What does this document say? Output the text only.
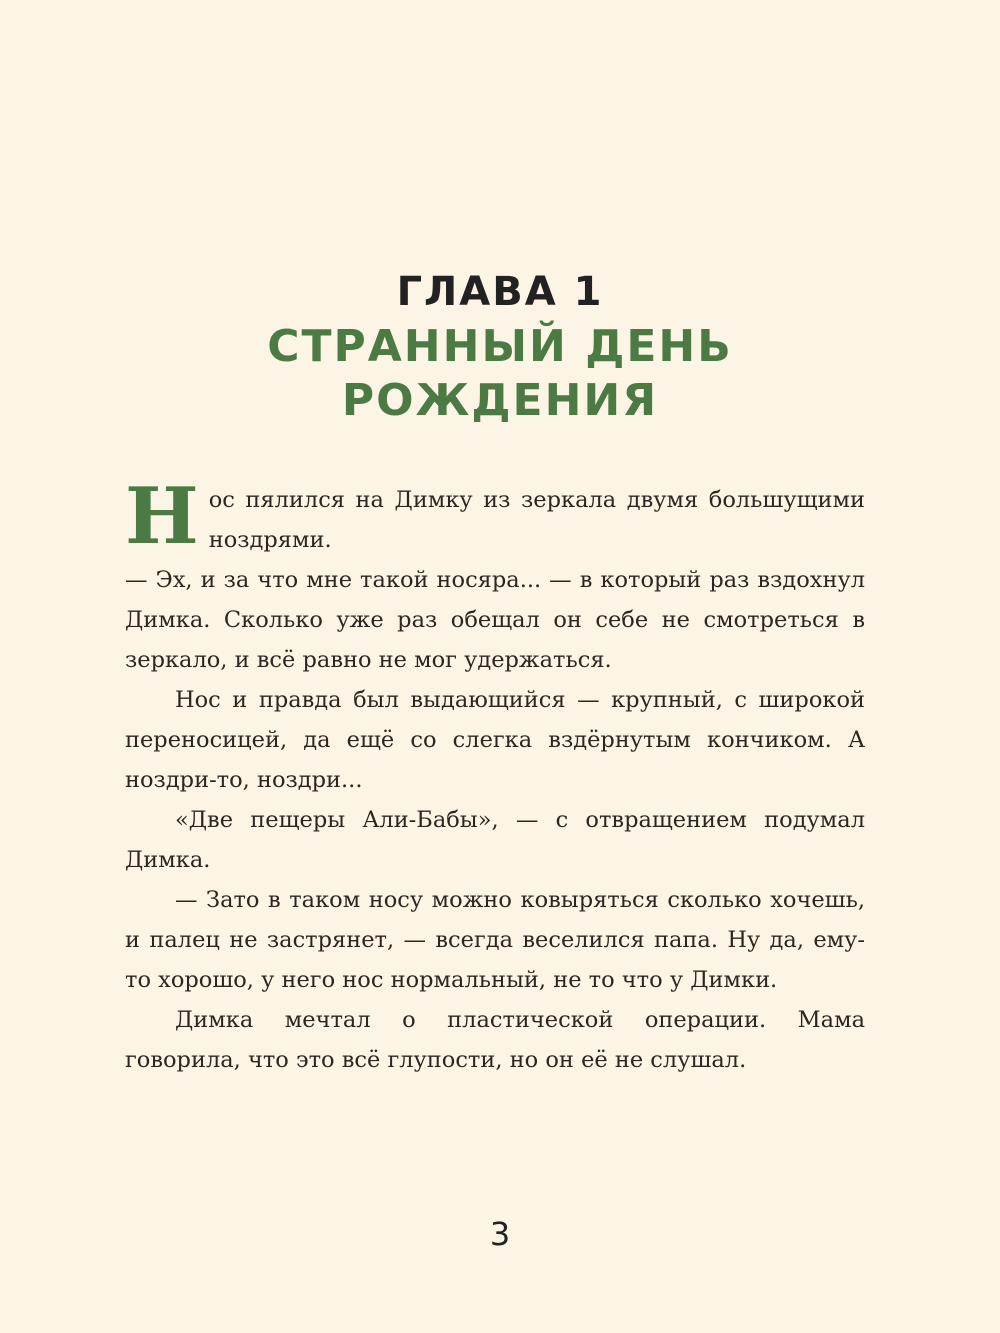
ГЛАВА 1
СТРАННЫЙ ДЕНЬ
РОЖДЕНИЯ

Нос пялился на Димку из зеркала двумя большущими ноздрями.

— Эх, и за что мне такой носяра... — в который раз вздохнул Димка. Сколько уже раз обещал он себе не смотреться в зеркало, и всё равно не мог удержаться.

Нос и правда был выдающийся — крупный, с широкой переносицей, да ещё со слегка вздёрнутым кончиком. А ноздри-то, ноздри...

«Две пещеры Али-Бабы», — с отвращением подумал Димка.

— Зато в таком носу можно ковыряться сколько хочешь, и палец не застрянет, — всегда веселился папа. Ну да, ему-то хорошо, у него нос нормальный, не то что у Димки.

Димка мечтал о пластической операции. Мама говорила, что это всё глупости, но он её не слушал.

3
